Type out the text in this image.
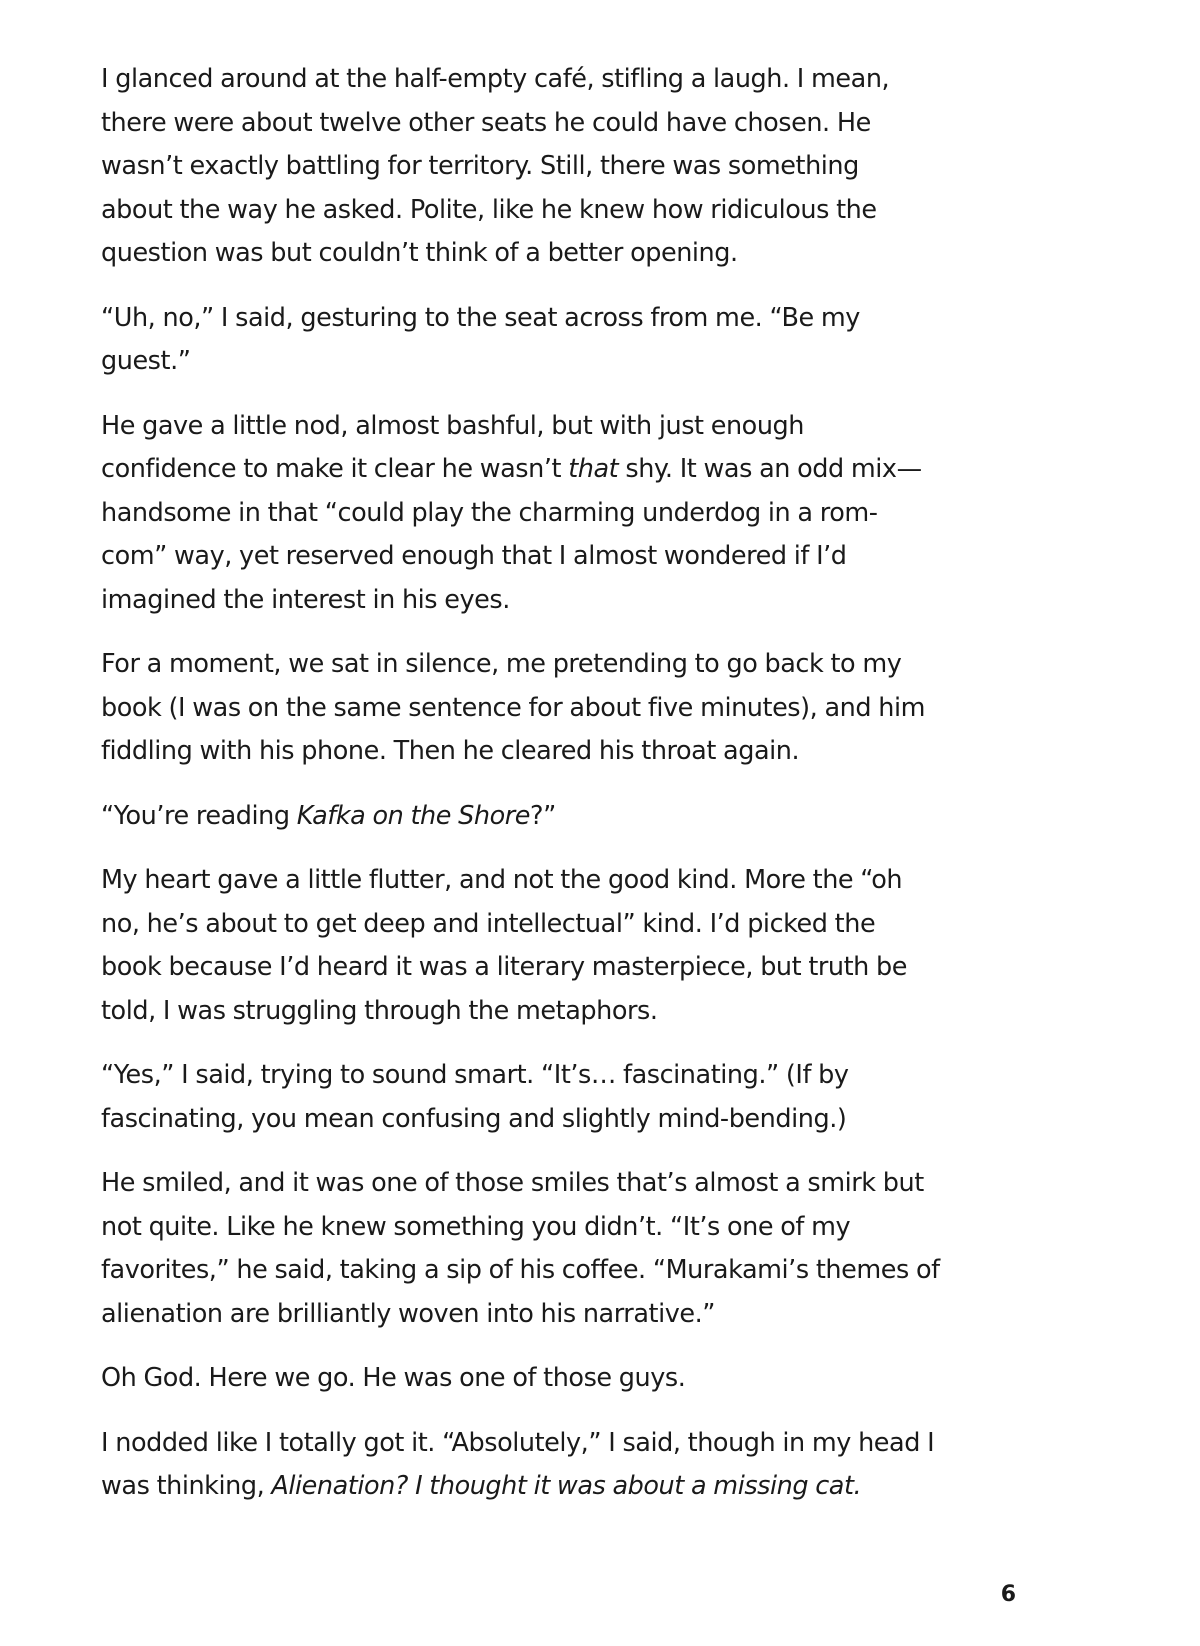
I glanced around at the half-empty café, stifling a laugh. I mean,
there were about twelve other seats he could have chosen. He
wasn’t exactly battling for territory. Still, there was something
about the way he asked. Polite, like he knew how ridiculous the
question was but couldn’t think of a better opening.

“Uh, no,” I said, gesturing to the seat across from me. “Be my
guest.”

He gave a little nod, almost bashful, but with just enough
confidence to make it clear he wasn’t that shy. It was an odd mix—
handsome in that “could play the charming underdog in a rom-
com” way, yet reserved enough that I almost wondered if I’d
imagined the interest in his eyes.

For a moment, we sat in silence, me pretending to go back to my
book (I was on the same sentence for about five minutes), and him
fiddling with his phone. Then he cleared his throat again.

“You’re reading Kafka on the Shore?”

My heart gave a little flutter, and not the good kind. More the “oh
no, he’s about to get deep and intellectual” kind. I’d picked the
book because I’d heard it was a literary masterpiece, but truth be
told, I was struggling through the metaphors.

“Yes,” I said, trying to sound smart. “It’s… fascinating.” (If by
fascinating, you mean confusing and slightly mind-bending.)

He smiled, and it was one of those smiles that’s almost a smirk but
not quite. Like he knew something you didn’t. “It’s one of my
favorites,” he said, taking a sip of his coffee. “Murakami’s themes of
alienation are brilliantly woven into his narrative.”

Oh God. Here we go. He was one of those guys.

I nodded like I totally got it. “Absolutely,” I said, though in my head I
was thinking, Alienation? I thought it was about a missing cat.

6
